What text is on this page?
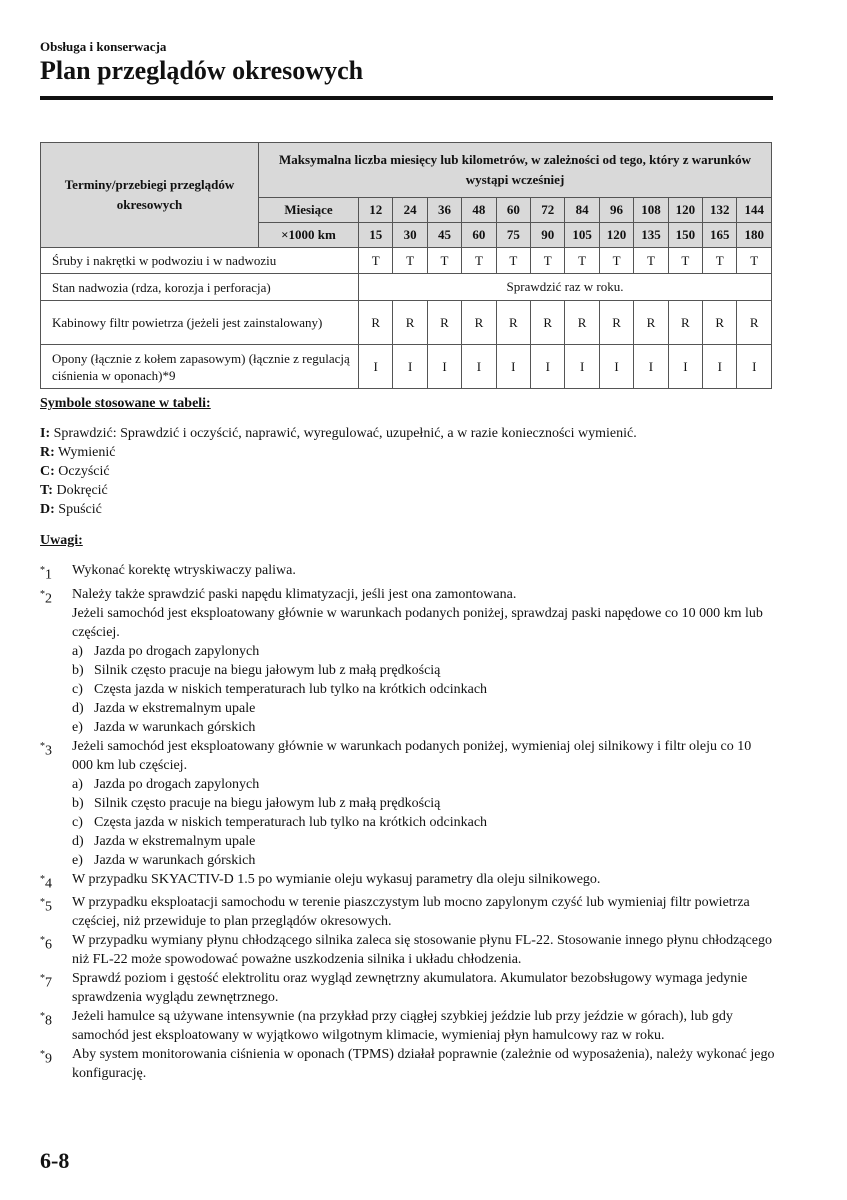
Obsługa i konserwacja
Plan przeglądów okresowych
Terminy/przebiegi przeglądów okresowych	Maksymalna liczba miesięcy lub kilometrów, w zależności od tego, który z warunków wystąpi wcześniej												
	Miesiące	12	24	36	48	60	72	84	96	108	120	132	144
	×1000 km	15	30	45	60	75	90	105	120	135	150	165	180
Śruby i nakrętki w podwoziu i w nadwoziu		T	T	T	T	T	T	T	T	T	T	T	T
Stan nadwozia (rdza, korozja i perforacja)		Sprawdzić raz w roku.											
Kabinowy filtr powietrza (jeżeli jest zainstalowany)		R	R	R	R	R	R	R	R	R	R	R	R
Opony (łącznie z kołem zapasowym) (łącznie z regulacją ciśnienia w oponach)*9		I	I	I	I	I	I	I	I	I	I	I	I
Symbole stosowane w tabeli:
I: Sprawdzić: Sprawdzić i oczyścić, naprawić, wyregulować, uzupełnić, a w razie konieczności wymienić.
R: Wymienić
C: Oczyścić
T: Dokręcić
D: Spuścić
Uwagi:
*1	Wykonać korektę wtryskiwaczy paliwa.
*2	Należy także sprawdzić paski napędu klimatyzacji, jeśli jest ona zamontowana.
Jeżeli samochód jest eksploatowany głównie w warunkach podanych poniżej, sprawdzaj paski napędowe co 10 000 km lub częściej.
a) Jazda po drogach zapylonych
b) Silnik często pracuje na biegu jałowym lub z małą prędkością
c) Częsta jazda w niskich temperaturach lub tylko na krótkich odcinkach
d) Jazda w ekstremalnym upale
e) Jazda w warunkach górskich
*3	Jeżeli samochód jest eksploatowany głównie w warunkach podanych poniżej, wymieniaj olej silnikowy i filtr oleju co 10 000 km lub częściej.
a) Jazda po drogach zapylonych
b) Silnik często pracuje na biegu jałowym lub z małą prędkością
c) Częsta jazda w niskich temperaturach lub tylko na krótkich odcinkach
d) Jazda w ekstremalnym upale
e) Jazda w warunkach górskich
*4	W przypadku SKYACTIV-D 1.5 po wymianie oleju wykasuj parametry dla oleju silnikowego.
*5	W przypadku eksploatacji samochodu w terenie piaszczystym lub mocno zapylonym czyść lub wymieniaj filtr powietrza częściej, niż przewiduje to plan przeglądów okresowych.
*6	W przypadku wymiany płynu chłodzącego silnika zaleca się stosowanie płynu FL-22. Stosowanie innego płynu chłodzącego niż FL-22 może spowodować poważne uszkodzenia silnika i układu chłodzenia.
*7	Sprawdź poziom i gęstość elektrolitu oraz wygląd zewnętrzny akumulatora. Akumulator bezobsługowy wymaga jedynie sprawdzenia wyglądu zewnętrznego.
*8	Jeżeli hamulce są używane intensywnie (na przykład przy ciągłej szybkiej jeździe lub przy jeździe w górach), lub gdy samochód jest eksploatowany w wyjątkowo wilgotnym klimacie, wymieniaj płyn hamulcowy raz w roku.
*9	Aby system monitorowania ciśnienia w oponach (TPMS) działał poprawnie (zależnie od wyposażenia), należy wykonać jego konfigurację.
6-8
